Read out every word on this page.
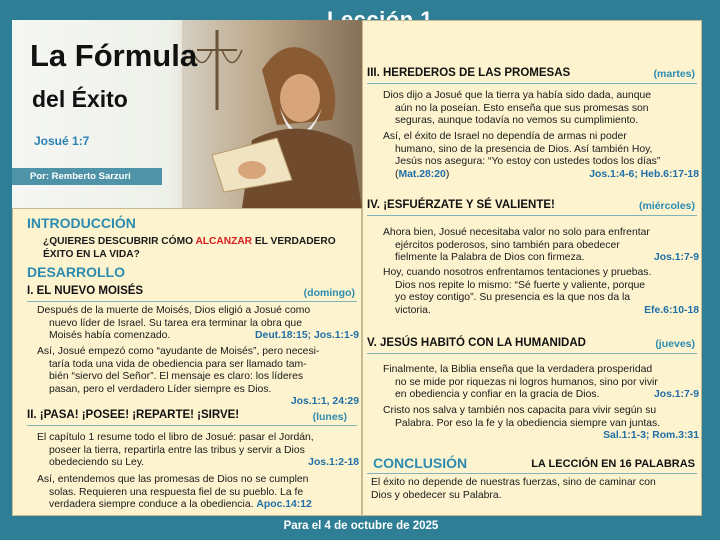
La Fórmula
del Éxito
Josué 1:7
Por: Remberto Sarzuri
INTRODUCCIÓN
¿QUIERES DESCUBRIR CÓMO ALCANZAR EL VERDADERO
ÉXITO EN LA VIDA?
DESARROLLO
I. EL NUEVO MOISÉS	(domingo)
Después de la muerte de Moisés, Dios eligió a Josué como
nuevo líder de Israel. Su tarea era terminar la obra que
Moisés había comenzado.	Deut.18:15; Jos.1:1-9
Así, Josué empezó como “ayudante de Moisés”, pero necesi-
taría toda una vida de obediencia para ser llamado tam-
bién “siervo del Señor”. El mensaje es claro: los líderes
pasan, pero el verdadero Líder siempre es Dios.
Jos.1:1, 24:29
II. ¡PASA! ¡POSEE! ¡REPARTE! ¡SIRVE!	(lunes)
El capítulo 1 resume todo el libro de Josué: pasar el Jordán,
poseer la tierra, repartirla entre las tribus y servir a Dios
obedeciendo su Ley.	Jos.1:2-18
Así, entendemos que las promesas de Dios no se cumplen
solas. Requieren una respuesta fiel de su pueblo. La fe
verdadera siempre conduce a la obediencia. Apoc.14:12
III. HEREDEROS DE LAS PROMESAS	(martes)
Dios dijo a Josué que la tierra ya había sido dada, aunque
aún no la poseían. Esto enseña que sus promesas son
seguras, aunque todavía no vemos su cumplimiento.
Así, el éxito de Israel no dependía de armas ni poder
humano, sino de la presencia de Dios. Así también Hoy,
Jesús nos asegura: “Yo estoy con ustedes todos los días”
(Mat.28:20)	Jos.1:4-6; Heb.6:17-18
IV. ¡ESFUÉRZATE Y SÉ VALIENTE!	(miércoles)
Ahora bien, Josué necesitaba valor no solo para enfrentar
ejércitos poderosos, sino también para obedecer
fielmente la Palabra de Dios con firmeza.	Jos.1:7-9
Hoy, cuando nosotros enfrentamos tentaciones y pruebas.
Dios nos repite lo mismo: “Sé fuerte y valiente, porque
yo estoy contigo”. Su presencia es la que nos da la
victoria.	Efe.6:10-18
V. JESÚS HABITÓ CON LA HUMANIDAD	(jueves)
Finalmente, la Biblia enseña que la verdadera prosperidad
no se mide por riquezas ni logros humanos, sino por vivir
en obediencia y confiar en la gracia de Dios.	Jos.1:7-9
Cristo nos salva y también nos capacita para vivir según su
Palabra. Por eso la fe y la obediencia siempre van juntas.
Sal.1:1-3; Rom.3:31
CONCLUSIÓN	LA LECCIÓN EN 16 PALABRAS
El éxito no depende de nuestras fuerzas, sino de caminar con
Dios y obedecer su Palabra.
Para el 4 de octubre de 2025
